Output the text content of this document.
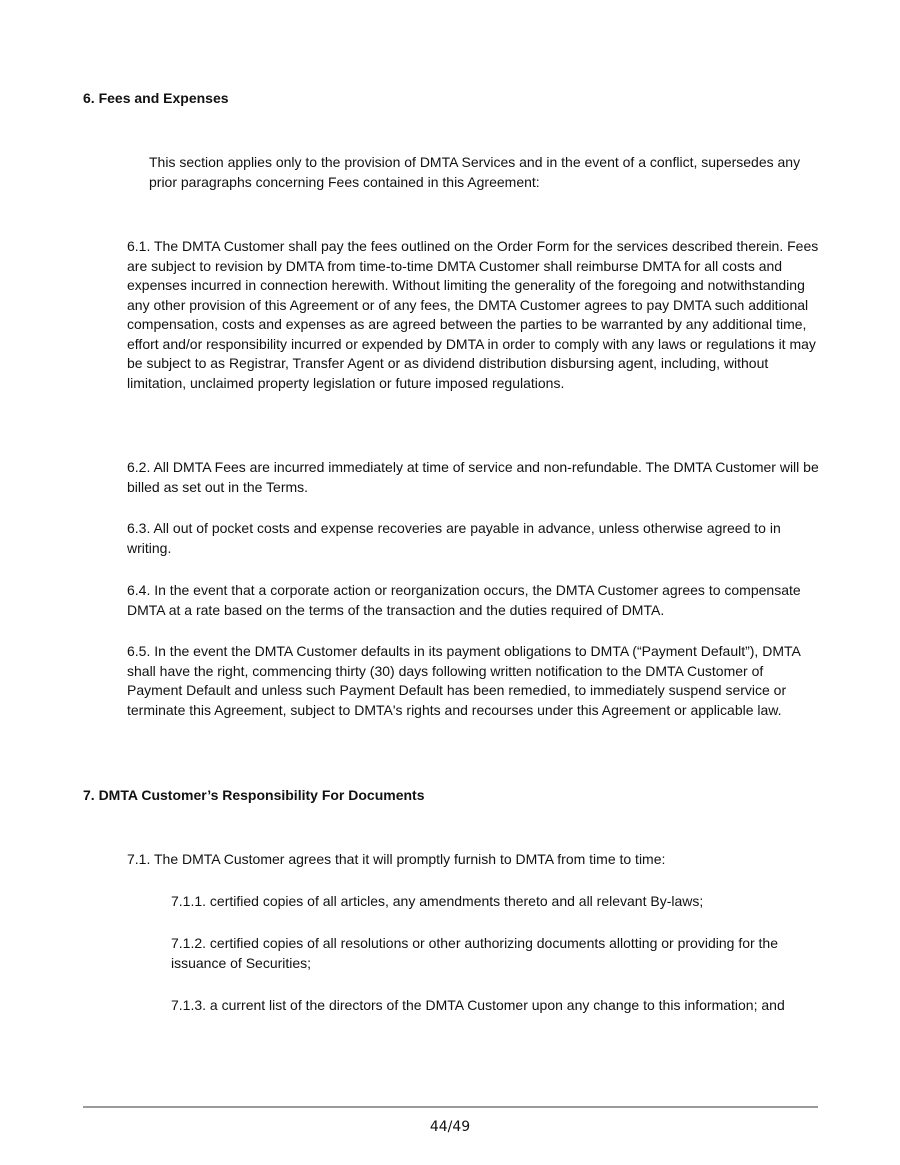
6. Fees and Expenses

This section applies only to the provision of DMTA Services and in the event of a conflict, supersedes any prior paragraphs concerning Fees contained in this Agreement:

6.1. The DMTA Customer shall pay the fees outlined on the Order Form for the services described therein. Fees are subject to revision by DMTA from time-to-time DMTA Customer shall reimburse DMTA for all costs and expenses incurred in connection herewith. Without limiting the generality of the foregoing and notwithstanding any other provision of this Agreement or of any fees, the DMTA Customer agrees to pay DMTA such additional compensation, costs and expenses as are agreed between the parties to be warranted by any additional time, effort and/or responsibility incurred or expended by DMTA in order to comply with any laws or regulations it may be subject to as Registrar, Transfer Agent or as dividend distribution disbursing agent, including, without limitation, unclaimed property legislation or future imposed regulations.

6.2. All DMTA Fees are incurred immediately at time of service and non-refundable. The DMTA Customer will be billed as set out in the Terms.

6.3. All out of pocket costs and expense recoveries are payable in advance, unless otherwise agreed to in writing.

6.4. In the event that a corporate action or reorganization occurs, the DMTA Customer agrees to compensate DMTA at a rate based on the terms of the transaction and the duties required of DMTA.

6.5. In the event the DMTA Customer defaults in its payment obligations to DMTA (“Payment Default”), DMTA shall have the right, commencing thirty (30) days following written notification to the DMTA Customer of Payment Default and unless such Payment Default has been remedied, to immediately suspend service or terminate this Agreement, subject to DMTA's rights and recourses under this Agreement or applicable law.

7. DMTA Customer’s Responsibility For Documents

7.1. The DMTA Customer agrees that it will promptly furnish to DMTA from time to time:

7.1.1. certified copies of all articles, any amendments thereto and all relevant By-laws;

7.1.2. certified copies of all resolutions or other authorizing documents allotting or providing for the issuance of Securities;

7.1.3. a current list of the directors of the DMTA Customer upon any change to this information; and

44/49
